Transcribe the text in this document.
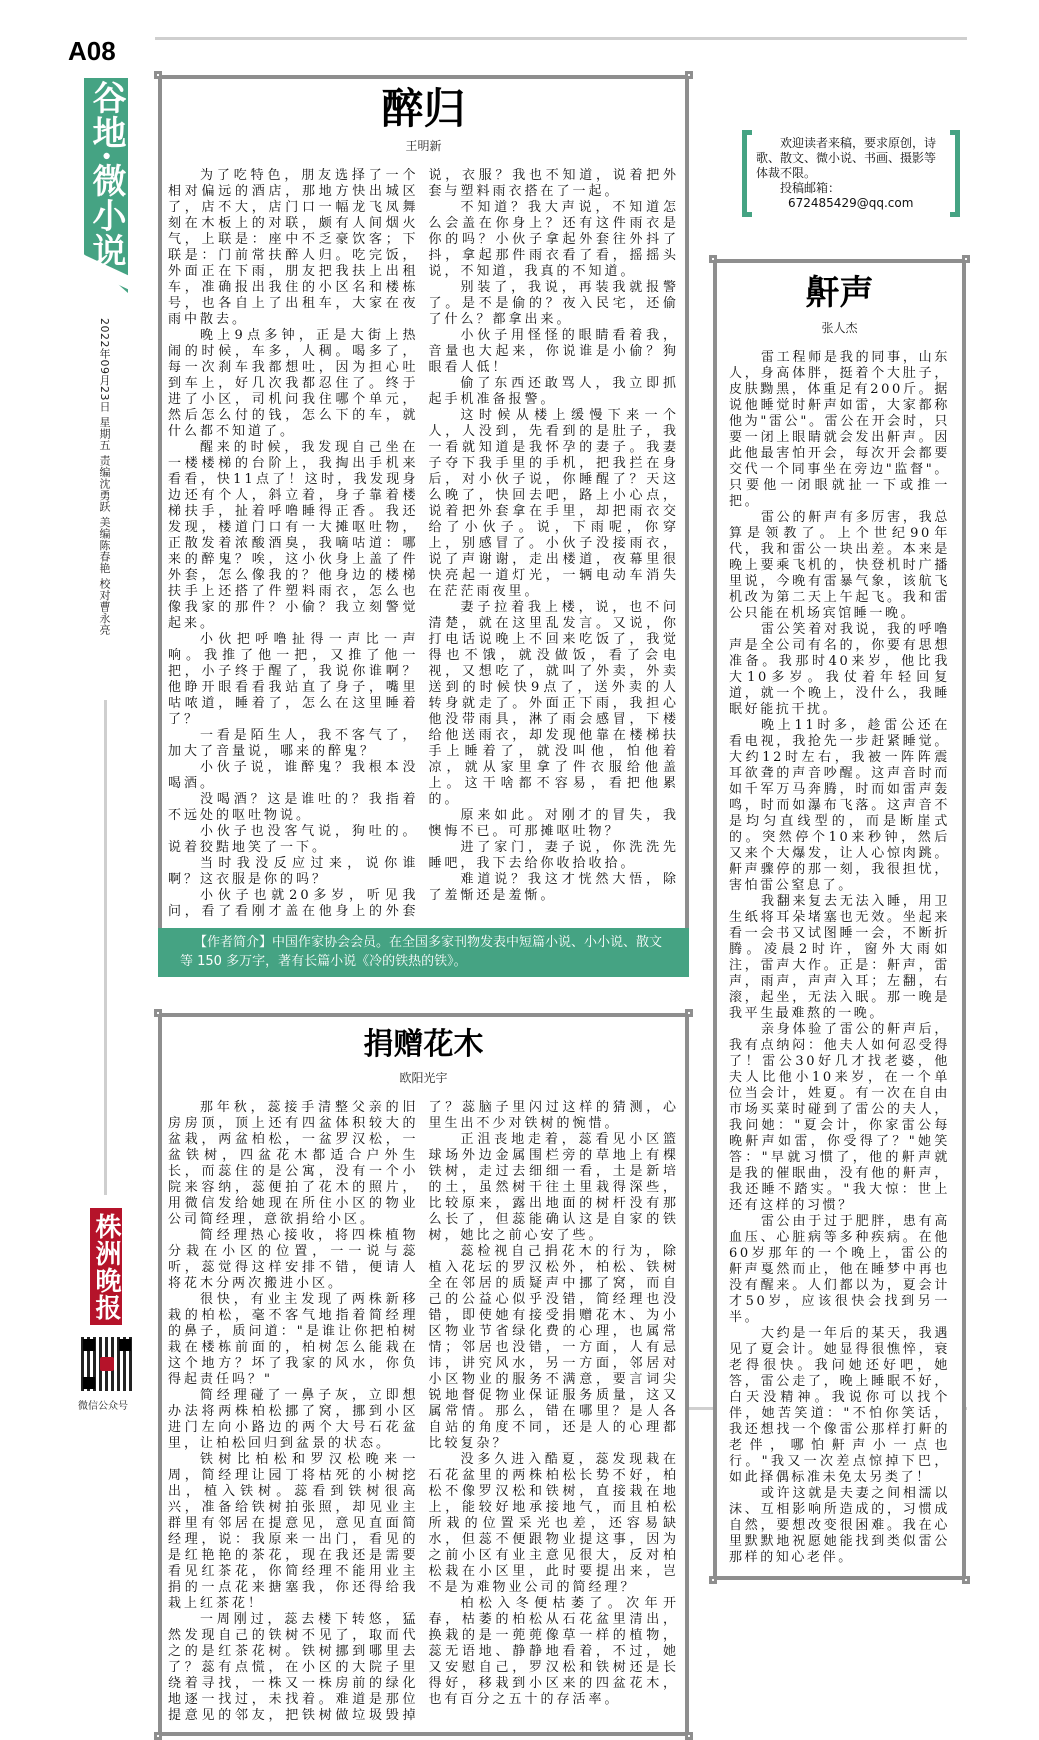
A08
谷地·微小说
2022年09月23日 星期五 责编沈勇跃 美编陈春艳 校对曹永亮
株洲晚报
微信公众号
醉归
王明新

为了吃特色，朋友选择了一个相对偏远的酒店，那地方快出城区了，店不大，店门口一幅龙飞凤舞刻在木板上的对联，颇有人间烟火气，上联是：座中不乏豪饮客；下联是：门前常扶醉人归。吃完饭，外面正在下雨，朋友把我扶上出租车，准确报出我住的小区名和楼栋号，也各自上了出租车，大家在夜雨中散去。

晚上9点多钟，正是大街上热闹的时候，车多，人稠。喝多了，每一次刹车我都想吐，因为担心吐到车上，好几次我都忍住了。终于进了小区，司机问我住哪个单元，然后怎么付的钱，怎么下的车，就什么都不知道了。

醒来的时候，我发现自己坐在一楼楼梯的台阶上，我掏出手机来看看，快11点了！这时，我发现身边还有个人，斜立着，身子靠着楼梯扶手，扯着呼噜睡得正香。我还发现，楼道门口有一大摊呕吐物，正散发着浓酸酒臭，我嘀咕道：哪来的醉鬼？唉，这小伙身上盖了件外套，怎么像我的？他身边的楼梯扶手上还搭了件塑料雨衣，怎么也像我家的那件？小偷？我立刻警觉起来。

小伙把呼噜扯得一声比一声响。我推了他一把，又推了他一把，小子终于醒了，我说你谁啊？他睁开眼看看我站直了身子，嘴里咕哝道，睡着了，怎么在这里睡着了？

一看是陌生人，我不客气了，加大了音量说，哪来的醉鬼？

小伙子说，谁醉鬼？我根本没喝酒。

没喝酒？这是谁吐的？我指着不远处的呕吐物说。

小伙子也没客气说，狗吐的。说着狡黠地笑了一下。

当时我没反应过来，说你谁啊？这衣服是你的吗？

小伙子也就20多岁，听见我问，看了看刚才盖在他身上的外套说，衣服？我也不知道，说着把外套与塑料雨衣搭在了一起。

不知道？我大声说，不知道怎么会盖在你身上？还有这件雨衣是你的吗？小伙子拿起外套往外抖了抖，拿起那件雨衣看了看，摇摇头说，不知道，我真的不知道。

别装了，我说，再装我就报警了。是不是偷的？夜入民宅，还偷了什么？都拿出来。

小伙子用怪怪的眼睛看着我，音量也大起来，你说谁是小偷？狗眼看人低！

偷了东西还敢骂人，我立即抓起手机准备报警。

这时候从楼上缓慢下来一个人，人没到，先看到的是肚子，我一看就知道是我怀孕的妻子。我妻子夺下我手里的手机，把我拦在身后，对小伙子说，你睡醒了？天这么晚了，快回去吧，路上小心点，说着把外套拿在手里，却把雨衣交给了小伙子。说，下雨呢，你穿上，别感冒了。小伙子没接雨衣，说了声谢谢，走出楼道，夜幕里很快亮起一道灯光，一辆电动车消失在茫茫雨夜里。

妻子拉着我上楼，说，也不问清楚，就在这里乱发言。又说，你打电话说晚上不回来吃饭了，我觉得也不饿，就没做饭，看了会电视，又想吃了，就叫了外卖，外卖送到的时候快9点了，送外卖的人转身就走了。外面正下雨，我担心他没带雨具，淋了雨会感冒，下楼给他送雨衣，却发现他靠在楼梯扶手上睡着了，就没叫他，怕他着凉，就从家里拿了件衣服给他盖上。这干啥都不容易，看把他累的。

原来如此。对刚才的冒失，我懊悔不已。可那摊呕吐物？

进了家门，妻子说，你洗洗先睡吧，我下去给你收拾收拾。

难道说？我这才恍然大悟，除了羞惭还是羞惭。

【作者简介】中国作家协会会员。在全国多家刊物发表中短篇小说、小小说、散文等 150 多万字，著有长篇小说《冷的铁热的铁》。
捐赠花木
欧阳光宇

那年秋，蕊接手清整父亲的旧房房顶，顶上还有四盆体积较大的盆栽，两盆柏松，一盆罗汉松，一盆铁树，四盆花木都适合户外生长，而蕊住的是公寓，没有一个小院来容纳，蕊便拍了花木的照片，用微信发给她现在所住小区的物业公司简经理，意欲捐给小区。

简经理热心接收，将四株植物分栽在小区的位置，一一说与蕊听，蕊觉得这样安排不错，便请人将花木分两次搬进小区。

很快，有业主发现了两株新移栽的柏松，毫不客气地指着简经理的鼻子，质问道："是谁让你把柏树栽在楼栋前面的，柏树怎么能栽在这个地方？坏了我家的风水，你负得起责任吗？"

简经理碰了一鼻子灰，立即想办法将两株柏松挪了窝，挪到小区进门左向小路边的两个大号石花盆里，让柏松回归到盆景的状态。

铁树比柏松和罗汉松晚来一周，简经理让园丁将枯死的小树挖出，植入铁树。蕊看到铁树很高兴，准备给铁树拍张照，却见业主群里有邻居在提意见，意见直面简经理，说：我原来一出门，看见的是红艳艳的茶花，现在我还是需要看见红茶花，你简经理不能用业主捐的一点花来搪塞我，你还得给我栽上红茶花！

一周刚过，蕊去楼下转悠，猛然发现自己的铁树不见了，取而代之的是红茶花树。铁树挪到哪里去了？蕊有点慌，在小区的大院子里绕着寻找，一株又一株房前的绿化地逐一找过，未找着。难道是那位提意见的邻友，把铁树做垃圾毁掉了？蕊脑子里闪过这样的猜测，心里生出不少对铁树的惋惜。

正沮丧地走着，蕊看见小区篮球场外边金属围栏旁的草地上有棵铁树，走过去细细一看，土是新培的土，虽然树干往土里栽得深些，比较原来，露出地面的树杆没有那么长了，但蕊能确认这是自家的铁树，她比之前心安了些。

蕊检视自己捐花木的行为，除植入花坛的罗汉松外，柏松、铁树全在邻居的质疑声中挪了窝，而自己的公益心似乎没错，简经理也没错，即使她有接受捐赠花木、为小区物业节省绿化费的心理，也属常情；邻居也没错，一方面，人有忌讳，讲究风水，另一方面，邻居对小区物业的服务不满意，要言词尖锐地督促物业保证服务质量，这又属常情。那么，错在哪里？是人各自站的角度不同，还是人的心理都比较复杂？

没多久进入酷夏，蕊发现栽在石花盆里的两株柏松长势不好，柏松不像罗汉松和铁树，直接栽在地上，能较好地承接地气，而且柏松所栽的位置采光也差，还容易缺水，但蕊不便跟物业提这事，因为之前小区有业主意见很大，反对柏松栽在小区里，此时要提出来，岂不是为难物业公司的简经理？

柏松入冬便枯萎了。次年开春，枯萎的柏松从石花盆里清出，换栽的是一蔸蔸像草一样的植物，蕊无语地、静静地看着，不过，她又安慰自己，罗汉松和铁树还是长得好，移栽到小区来的四盆花木，也有百分之五十的存活率。

欢迎读者来稿，要求原创，诗歌、散文、微小说、书画、摄影等体裁不限。
投稿邮箱：
672485429@qq.com
鼾声
张人杰

雷工程师是我的同事，山东人，身高体胖，挺着个大肚子，皮肤黝黑，体重足有200斤。据说他睡觉时鼾声如雷，大家都称他为"雷公"。雷公在开会时，只要一闭上眼睛就会发出鼾声。因此他最害怕开会，每次开会都要交代一个同事坐在旁边"监督"。只要他一闭眼就扯一下或推一把。

雷公的鼾声有多厉害，我总算是领教了。上个世纪90年代，我和雷公一块出差。本来是晚上要乘飞机的，快登机时广播里说，今晚有雷暴气象，该航飞机改为第二天上午起飞。我和雷公只能在机场宾馆睡一晚。

雷公笑着对我说，我的呼噜声是全公司有名的，你要有思想准备。我那时40来岁，他比我大10多岁。我仗着年轻回复道，就一个晚上，没什么，我睡眠好能抗干扰。

晚上11时多，趁雷公还在看电视，我抢先一步赶紧睡觉。大约12时左右，我被一阵阵震耳欲聋的声音吵醒。这声音时而如千军万马奔腾，时而如雷声轰鸣，时而如瀑布飞落。这声音不是均匀直线型的，而是断崖式的。突然停个10来秒钟，然后又来个大爆发，让人心惊肉跳。鼾声骤停的那一刻，我很担忧，害怕雷公窒息了。

我翻来复去无法入睡，用卫生纸将耳朵堵塞也无效。坐起来看一会书又试图睡一会，不断折腾。凌晨2时许，窗外大雨如注，雷声大作。正是：鼾声，雷声，雨声，声声入耳；左翻，右滚，起坐，无法入眠。那一晚是我平生最难熬的一晚。

亲身体验了雷公的鼾声后，我有点纳闷：他夫人如何忍受得了！雷公30好几才找老婆，他夫人比他小10来岁，在一个单位当会计，姓夏。有一次在自由市场买菜时碰到了雷公的夫人，我问她："夏会计，你家雷公每晚鼾声如雷，你受得了？"她笑答："早就习惯了，他的鼾声就是我的催眠曲，没有他的鼾声，我还睡不踏实。"我大惊：世上还有这样的习惯？

雷公由于过于肥胖，患有高血压、心脏病等多种疾病。在他60岁那年的一个晚上，雷公的鼾声戛然而止，他在睡梦中再也没有醒来。人们都以为，夏会计才50岁，应该很快会找到另一半。

大约是一年后的某天，我遇见了夏会计。她显得很憔悴，衰老得很快。我问她还好吧，她答，雷公走了，晚上睡眠不好，白天没精神。我说你可以找个伴，她苦笑道："不怕你笑话，我还想找一个像雷公那样打鼾的老伴，哪怕鼾声小一点也行。"我又一次差点惊掉下巴，如此择偶标准未免太另类了！

或许这就是夫妻之间相濡以沫、互相影响所造成的，习惯成自然，要想改变很困难。我在心里默默地祝愿她能找到类似雷公那样的知心老伴。
